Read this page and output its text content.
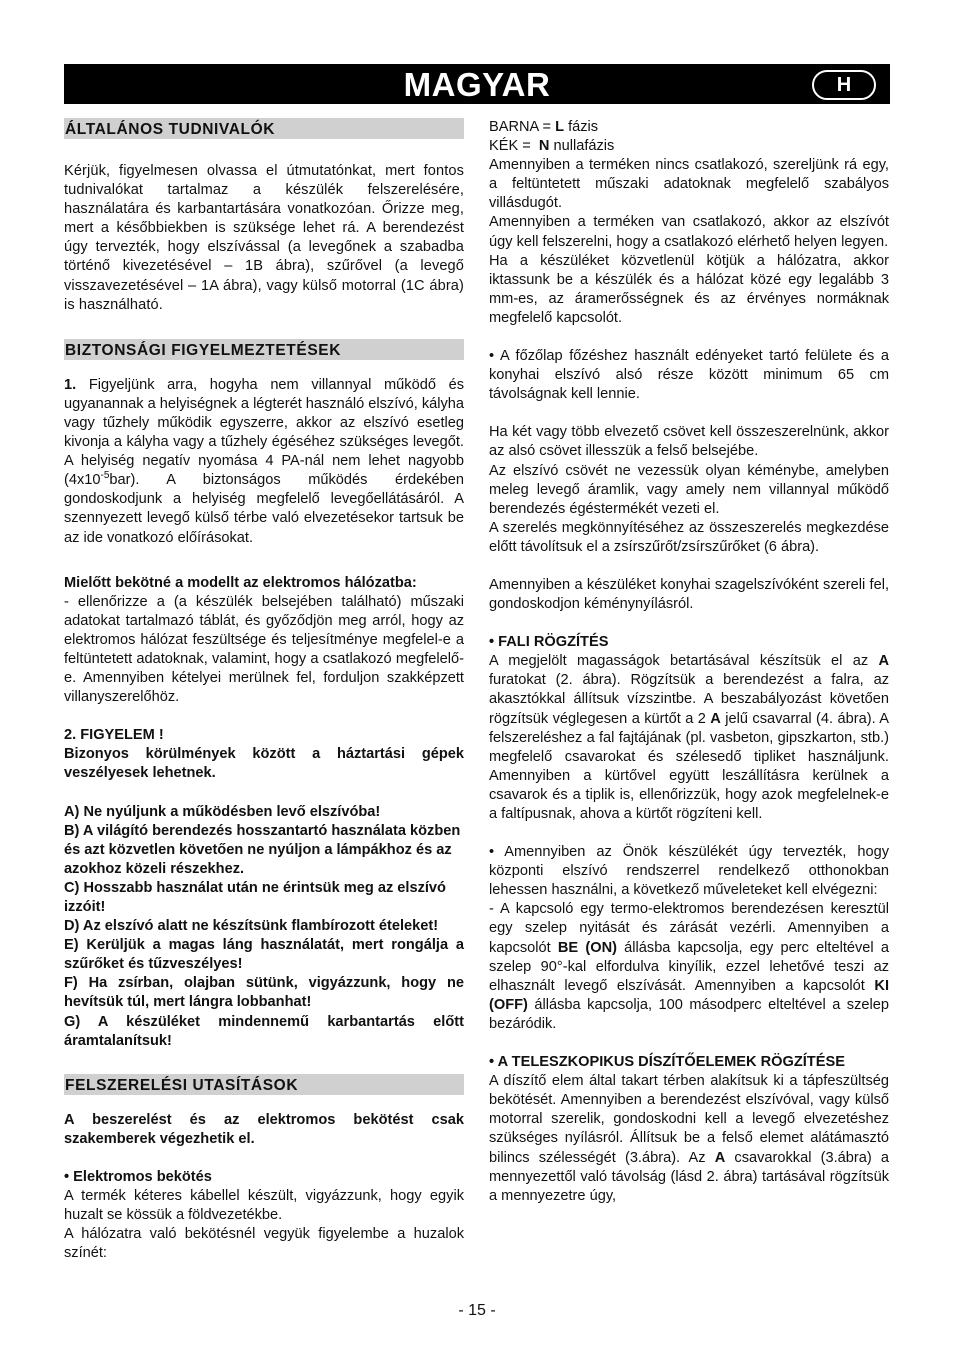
MAGYAR	H
ÁLTALÁNOS TUDNIVALÓK

Kérjük, figyelmesen olvassa el útmutatónkat, mert fontos tudnivalókat tartalmaz a készülék felszerelésére, használatára és karbantartására vonatkozóan. Őrizze meg, mert a későbbiekben is szüksége lehet rá. A berendezést úgy tervezték, hogy elszívással (a levegőnek a szabadba történő kivezetésével – 1B ábra), szűrővel (a levegő visszavezetésével – 1A ábra), vagy külső motorral (1C ábra) is használható.

BIZTONSÁGI FIGYELMEZTETÉSEK

1. Figyeljünk arra, hogyha nem villannyal működő és ugyanannak a helyiségnek a légterét használó elszívó, kályha vagy tűzhely működik egyszerre, akkor az elszívó esetleg kivonja a kályha vagy a tűzhely égéséhez szükséges levegőt. A helyiség negatív nyomása 4 PA-nál nem lehet nagyobb $(4x10^{-5}bar)$. A biztonságos működés érdekében gondoskodjunk a helyiség megfelelő levegőellátásáról. A szennyezett levegő külső térbe való elvezetésekor tartsuk be az ide vonatkozó előírásokat.

Mielőtt bekötné a modellt az elektromos hálózatba:

- ellenőrizze a (a készülék belsejében található) műszaki adatokat tartalmazó táblát, és győződjön meg arról, hogy az elektromos hálózat feszültsége és teljesítménye megfelel-e a feltüntetett adatoknak, valamint, hogy a csatlakozó megfelelő-e. Amennyiben kételyei merülnek fel, forduljon szakképzett villanyszerelőhöz.

2. FIGYELEM !

Bizonyos körülmények között a háztartási gépek veszélyesek lehetnek.

A) Ne nyúljunk a működésben levő elszívóba!

B) A világító berendezés hosszantartó használata közben és azt közvetlen követően ne nyúljon a lámpákhoz és az azokhoz közeli részekhez.

C) Hosszabb használat után ne érintsük meg az elszívó izzóit!

D) Az elszívó alatt ne készítsünk flambírozott ételeket!

E) Kerüljük a magas láng használatát, mert rongálja a szűrőket és tűzveszélyes!

F) Ha zsírban, olajban sütünk, vigyázzunk, hogy ne hevítsük túl, mert lángra lobbanhat!

G) A készüléket mindennemű karbantartás előtt áramtalanítsuk!

FELSZERELÉSI UTASÍTÁSOK

A beszerelést és az elektromos bekötést csak szakemberek végezhetik el.

• Elektromos bekötés

A termék kéteres kábellel készült, vigyázzunk, hogy egyik huzalt se kössük a földvezetékbe.

A hálózatra való bekötésnél vegyük figyelembe a huzalok színét:

BARNA = L fázis

KÉK =  N nullafázis

Amennyiben a terméken nincs csatlakozó, szereljünk rá egy, a feltüntetett műszaki adatoknak megfelelő szabályos villásdugót.

Amennyiben a terméken van csatlakozó, akkor az elszívót úgy kell felszerelni, hogy a csatlakozó elérhető helyen legyen.

Ha a készüléket közvetlenül kötjük a hálózatra, akkor iktassunk be a készülék és a hálózat közé egy legalább 3 mm-es, az áramerősségnek és az érvényes normáknak megfelelő kapcsolót.

• A főzőlap főzéshez használt edényeket tartó felülete és a konyhai elszívó alsó része között minimum 65 cm távolságnak kell lennie.

Ha két vagy több elvezető csövet kell összeszerelnünk, akkor az alsó csövet illesszük a felső belsejébe.

Az elszívó csövét ne vezessük olyan kéménybe, amelyben meleg levegő áramlik, vagy amely nem villannyal működő berendezés égéstermékét vezeti el.

A szerelés megkönnyítéséhez az összeszerelés megkezdése előtt távolítsuk el a zsírszűrőt/zsírszűrőket (6 ábra).

Amennyiben a készüléket konyhai szagelszívóként szereli fel, gondoskodjon kéménynyílásról.

• FALI RÖGZÍTÉS

A megjelölt magasságok betartásával készítsük el az A furatokat (2. ábra). Rögzítsük a berendezést a falra, az akasztókkal állítsuk vízszintbe. A beszabályozást követően rögzítsük véglegesen a kürtőt a 2 A jelű csavarral (4. ábra). A felszereléshez a fal fajtájának (pl. vasbeton, gipszkarton, stb.) megfelelő csavarokat és szélesedő tipliket használjunk. Amennyiben a kürtővel együtt leszállításra kerülnek a csavarok és a tiplik is, ellenőrizzük, hogy azok megfelelnek-e a faltípusnak, ahova a kürtőt rögzíteni kell.

• Amennyiben az Önök készülékét úgy tervezték, hogy központi elszívó rendszerrel rendelkező otthonokban lehessen használni, a következő műveleteket kell elvégezni:

- A kapcsoló egy termo-elektromos berendezésen keresztül egy szelep nyitását és zárását vezérli. Amennyiben a kapcsolót BE (ON) állásba kapcsolja, egy perc elteltével a szelep 90°-kal elfordulva kinyílik, ezzel lehetővé teszi az elhasznált levegő elszívását. Amennyiben a kapcsolót KI (OFF) állásba kapcsolja, 100 másodperc elteltével a szelep bezáródik.

• A TELESZKOPIKUS DÍSZÍTŐELEMEK RÖGZÍTÉSE

A díszítő elem által takart térben alakítsuk ki a tápfeszültség bekötését. Amennyiben a berendezést elszívóval, vagy külső motorral szerelik, gondoskodni kell a levegő elvezetéshez szükséges nyílásról. Állítsuk be a felső elemet alátámasztó bilincs szélességét (3.ábra). Az A csavarokkal (3.ábra) a mennyezettől való távolság (lásd 2. ábra) tartásával rögzítsük a mennyezetre úgy,

- 15 -
